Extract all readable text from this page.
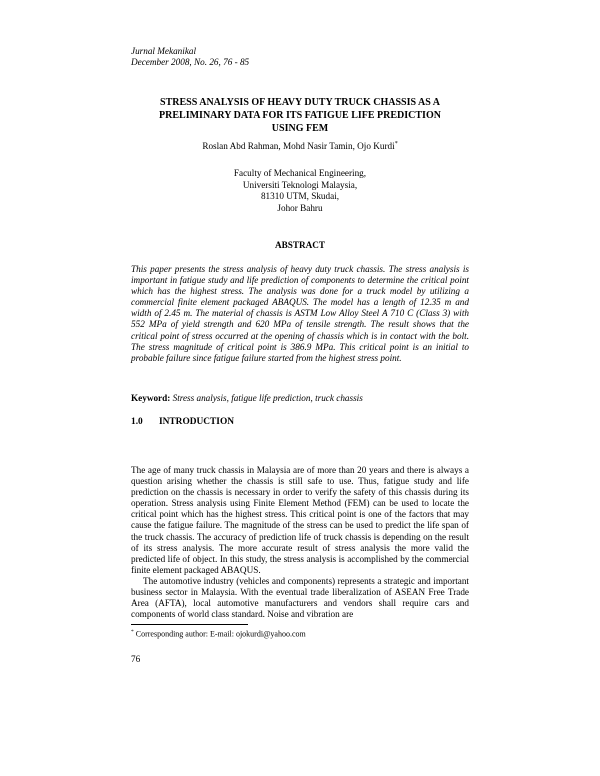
Jurnal Mekanikal
December 2008, No. 26, 76 - 85
STRESS ANALYSIS OF HEAVY DUTY TRUCK CHASSIS AS A
PRELIMINARY DATA FOR ITS FATIGUE LIFE PREDICTION
USING FEM
Roslan Abd Rahman, Mohd Nasir Tamin, Ojo Kurdi*
Faculty of Mechanical Engineering,
Universiti Teknologi Malaysia,
81310 UTM, Skudai,
Johor Bahru
ABSTRACT
This paper presents the stress analysis of heavy duty truck chassis. The stress analysis is important in fatigue study and life prediction of components to determine the critical point which has the highest stress. The analysis was done for a truck model by utilizing a commercial finite element packaged ABAQUS. The model has a length of 12.35 m and width of 2.45 m. The material of chassis is ASTM Low Alloy Steel A 710 C (Class 3) with 552 MPa of yield strength and 620 MPa of tensile strength. The result shows that the critical point of stress occurred at the opening of chassis which is in contact with the bolt. The stress magnitude of critical point is 386.9 MPa. This critical point is an initial to probable failure since fatigue failure started from the highest stress point.
Keyword: Stress analysis, fatigue life prediction, truck chassis
1.0 INTRODUCTION

The age of many truck chassis in Malaysia are of more than 20 years and there is always a question arising whether the chassis is still safe to use. Thus, fatigue study and life prediction on the chassis is necessary in order to verify the safety of this chassis during its operation. Stress analysis using Finite Element Method (FEM) can be used to locate the critical point which has the highest stress. This critical point is one of the factors that may cause the fatigue failure. The magnitude of the stress can be used to predict the life span of the truck chassis. The accuracy of prediction life of truck chassis is depending on the result of its stress analysis. The more accurate result of stress analysis the more valid the predicted life of object. In this study, the stress analysis is accomplished by the commercial finite element packaged ABAQUS.

The automotive industry (vehicles and components) represents a strategic and important business sector in Malaysia. With the eventual trade liberalization of ASEAN Free Trade Area (AFTA), local automotive manufacturers and vendors shall require cars and components of world class standard. Noise and vibration are

* Corresponding author: E-mail: ojokurdi@yahoo.com
76
